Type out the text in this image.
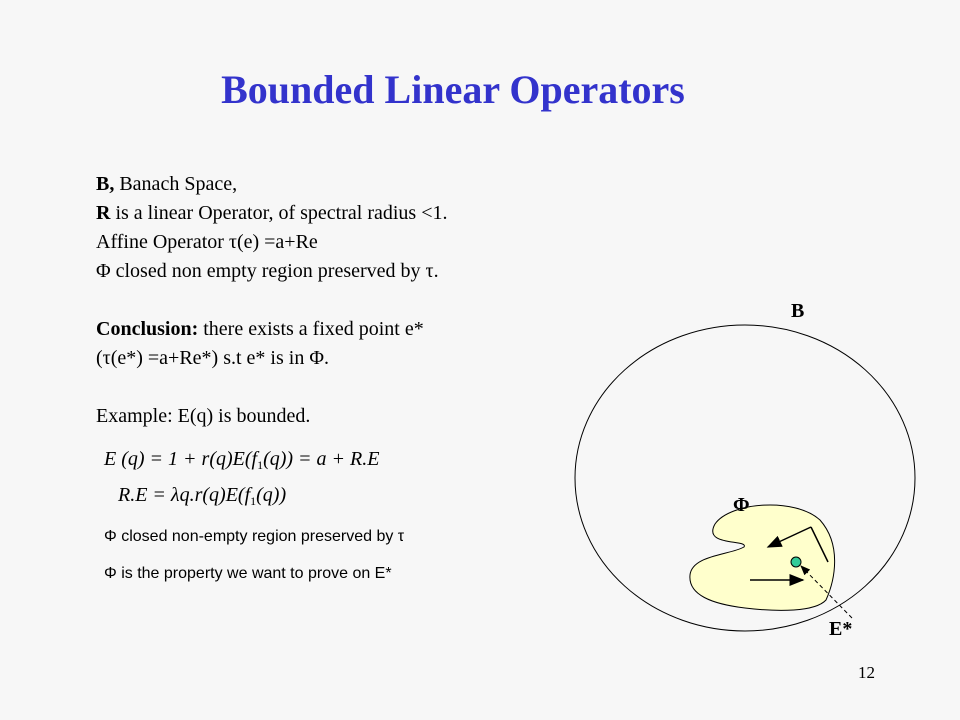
Bounded Linear Operators
B, Banach Space,
R is a linear Operator, of spectral radius <1.
Affine Operator τ(e) =a+Re
Φ closed non empty region preserved by τ.
Conclusion: there exists a fixed point e*
(τ(e*) =a+Re*) s.t e* is in Φ.
Example: E(q) is bounded.
E $(q) = 1 + r(q)E(f_1(q)) = a + R.E$
$R.E = \lambda q.r(q)E(f_1(q))$
Φ closed non-empty region preserved by τ
Φ is the property we want to prove on E*
B
Φ
E*
12
